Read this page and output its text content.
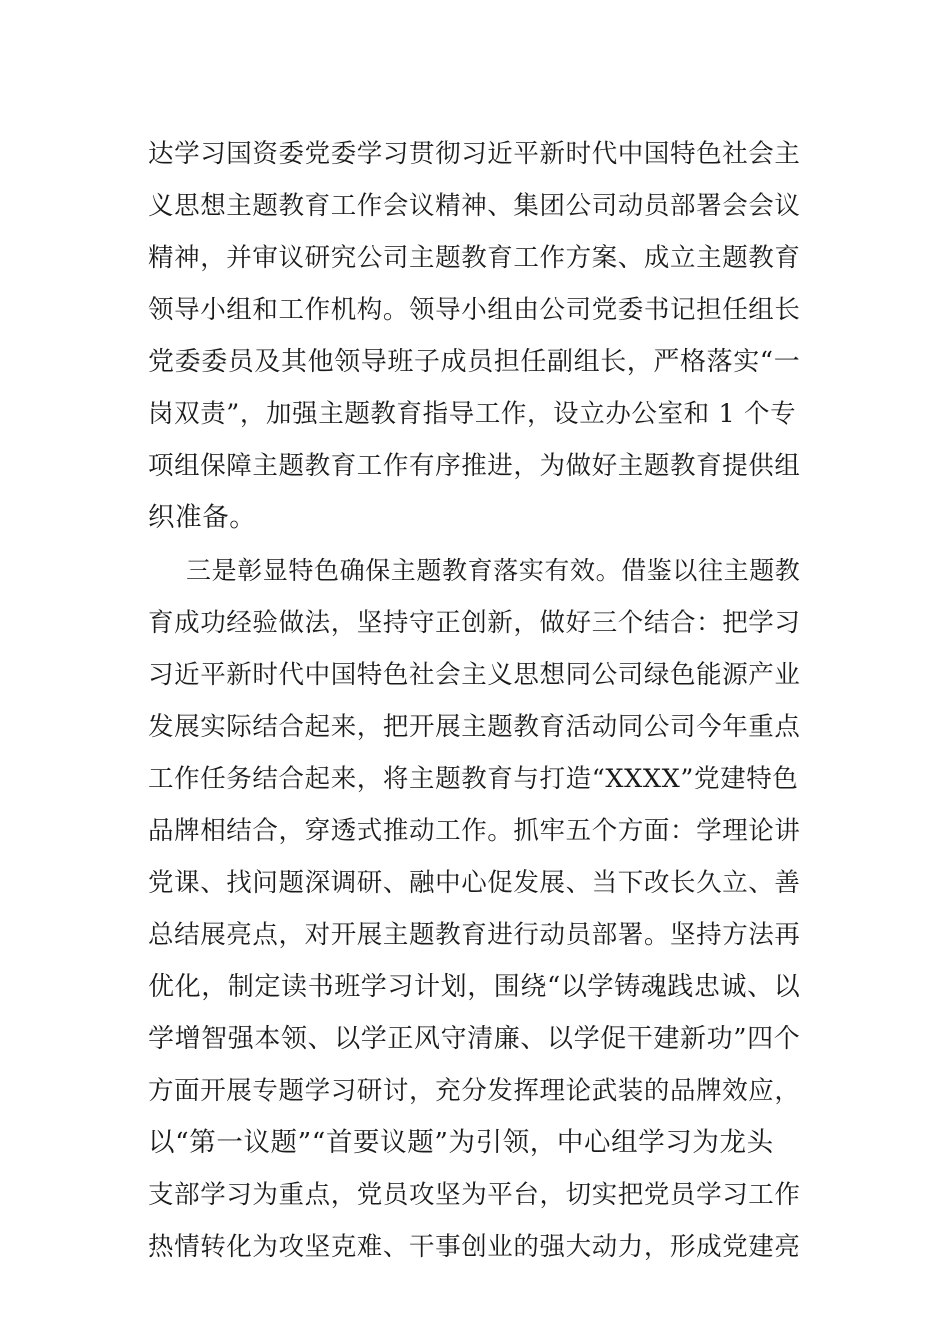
达学习国资委党委学习贯彻习近平新时代中国特色社会主
义思想主题教育工作会议精神、集团公司动员部署会会议
精神，并审议研究公司主题教育工作方案、成立主题教育
领导小组和工作机构。领导小组由公司党委书记担任组长
党委委员及其他领导班子成员担任副组长，严格落实“一
岗双责”，加强主题教育指导工作，设立办公室和 1 个专
项组保障主题教育工作有序推进，为做好主题教育提供组
织准备。
三是彰显特色确保主题教育落实有效。借鉴以往主题教
育成功经验做法，坚持守正创新，做好三个结合：把学习
习近平新时代中国特色社会主义思想同公司绿色能源产业
发展实际结合起来，把开展主题教育活动同公司今年重点
工作任务结合起来，将主题教育与打造“XXXX”党建特色
品牌相结合，穿透式推动工作。抓牢五个方面：学理论讲
党课、找问题深调研、融中心促发展、当下改长久立、善
总结展亮点，对开展主题教育进行动员部署。坚持方法再
优化，制定读书班学习计划，围绕“以学铸魂践忠诚、以
学增智强本领、以学正风守清廉、以学促干建新功”四个
方面开展专题学习研讨，充分发挥理论武装的品牌效应，
以“第一议题”“首要议题”为引领，中心组学习为龙头
支部学习为重点，党员攻坚为平台，切实把党员学习工作
热情转化为攻坚克难、干事创业的强大动力，形成党建亮
